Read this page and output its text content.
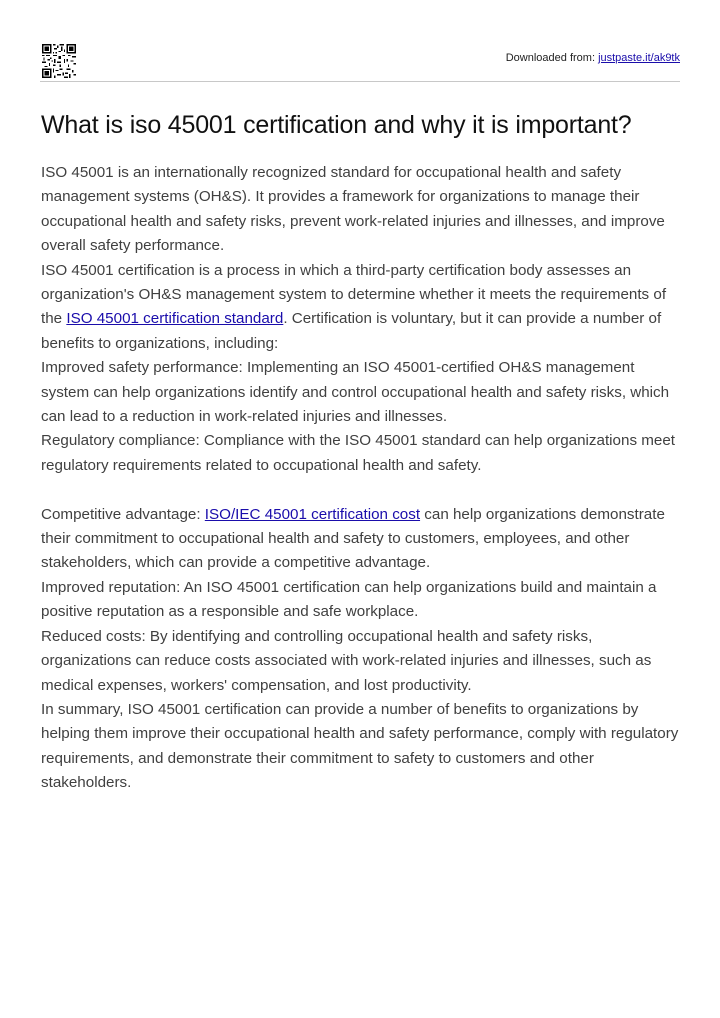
Downloaded from: justpaste.it/ak9tk
What is iso 45001 certification and why it is important?

ISO 45001 is an internationally recognized standard for occupational health and safety management systems (OH&S). It provides a framework for organizations to manage their occupational health and safety risks, prevent work-related injuries and illnesses, and improve overall safety performance.

ISO 45001 certification is a process in which a third-party certification body assesses an organization's OH&S management system to determine whether it meets the requirements of the ISO 45001 certification standard. Certification is voluntary, but it can provide a number of benefits to organizations, including:

Improved safety performance: Implementing an ISO 45001-certified OH&S management system can help organizations identify and control occupational health and safety risks, which can lead to a reduction in work-related injuries and illnesses.

Regulatory compliance: Compliance with the ISO 45001 standard can help organizations meet regulatory requirements related to occupational health and safety.

Competitive advantage: ISO/IEC 45001 certification cost can help organizations demonstrate their commitment to occupational health and safety to customers, employees, and other stakeholders, which can provide a competitive advantage.

Improved reputation: An ISO 45001 certification can help organizations build and maintain a positive reputation as a responsible and safe workplace.

Reduced costs: By identifying and controlling occupational health and safety risks, organizations can reduce costs associated with work-related injuries and illnesses, such as medical expenses, workers' compensation, and lost productivity.

In summary, ISO 45001 certification can provide a number of benefits to organizations by helping them improve their occupational health and safety performance, comply with regulatory requirements, and demonstrate their commitment to safety to customers and other stakeholders.
